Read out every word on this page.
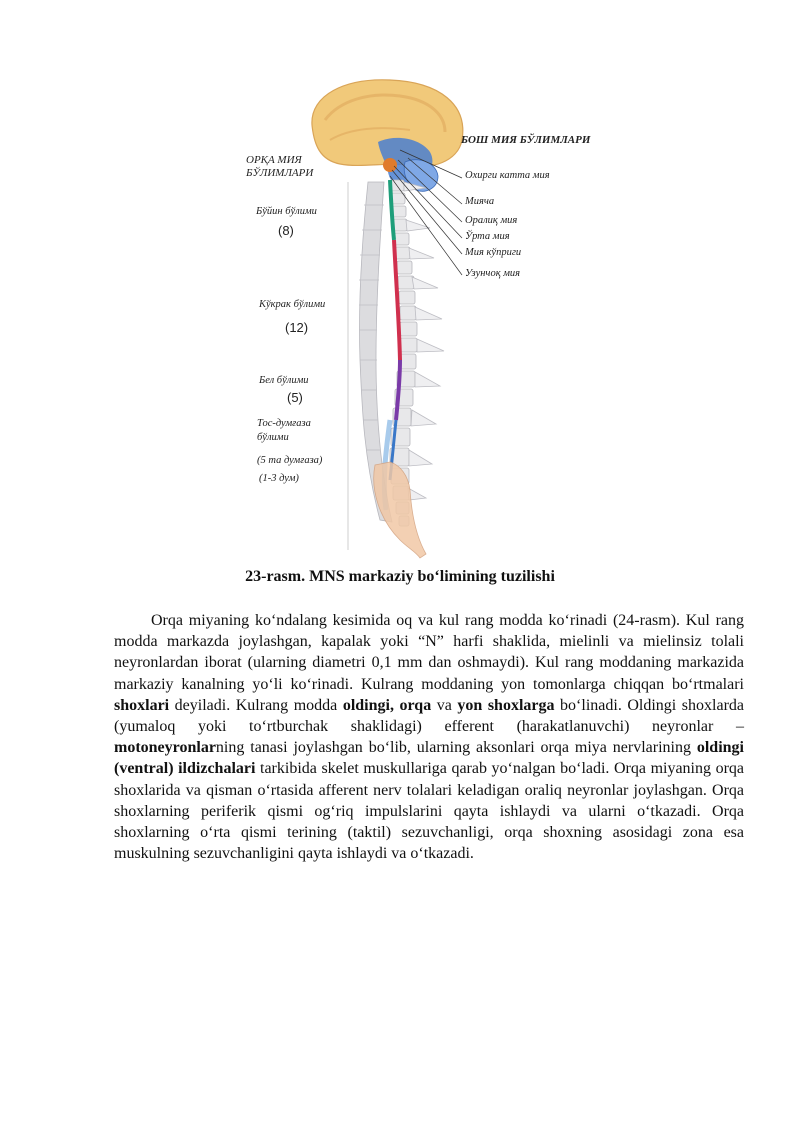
БОШ МИЯ БЎЛИМЛАРИ
ОРҚА МИЯ
БЎЛИМЛАРИ	Охирги катта мия
Мияча
Оралиқ мия
Ўрта мия
Мия кўприги
Узунчоқ мия
Бўйин бўлими
(8)
Кўкрак бўлими
(12)
Бел бўлими
(5)
Тос-думғаза
бўлими
(5 та думғаза)
(1-3 дум)
23-rasm. MNS markaziy bo‘limining tuzilishi

Orqa miyaning ko‘ndalang kesimida oq va kul rang modda ko‘rinadi (24-rasm). Kul rang modda markazda joylashgan, kapalak yoki “N” harfi shaklida, mielinli va mielinsiz tolali neyronlardan iborat (ularning diametri 0,1 mm dan oshmaydi). Kul rang moddaning markazida markaziy kanalning yo‘li ko‘rinadi. Kulrang moddaning yon tomonlarga chiqqan bo‘rtmalari shoxlari deyiladi. Kulrang modda oldingi, orqa va yon shoxlarga bo‘linadi. Oldingi shoxlarda (yumaloq yoki to‘rtburchak shaklidagi) efferent (harakatlanuvchi) neyronlar – motoneyronlarning tanasi joylashgan bo‘lib, ularning aksonlari orqa miya nervlarining oldingi (ventral) ildizchalari tarkibida skelet muskullariga qarab yo‘nalgan bo‘ladi. Orqa miyaning orqa shoxlarida va qisman o‘rtasida afferent nerv tolalari keladigan oraliq neyronlar joylashgan. Orqa shoxlarning periferik qismi og‘riq impulslarini qayta ishlaydi va ularni o‘tkazadi. Orqa shoxlarning o‘rta qismi terining (taktil) sezuvchanligi, orqa shoxning asosidagi zona esa muskulning sezuvchanligini qayta ishlaydi va o‘tkazadi.
